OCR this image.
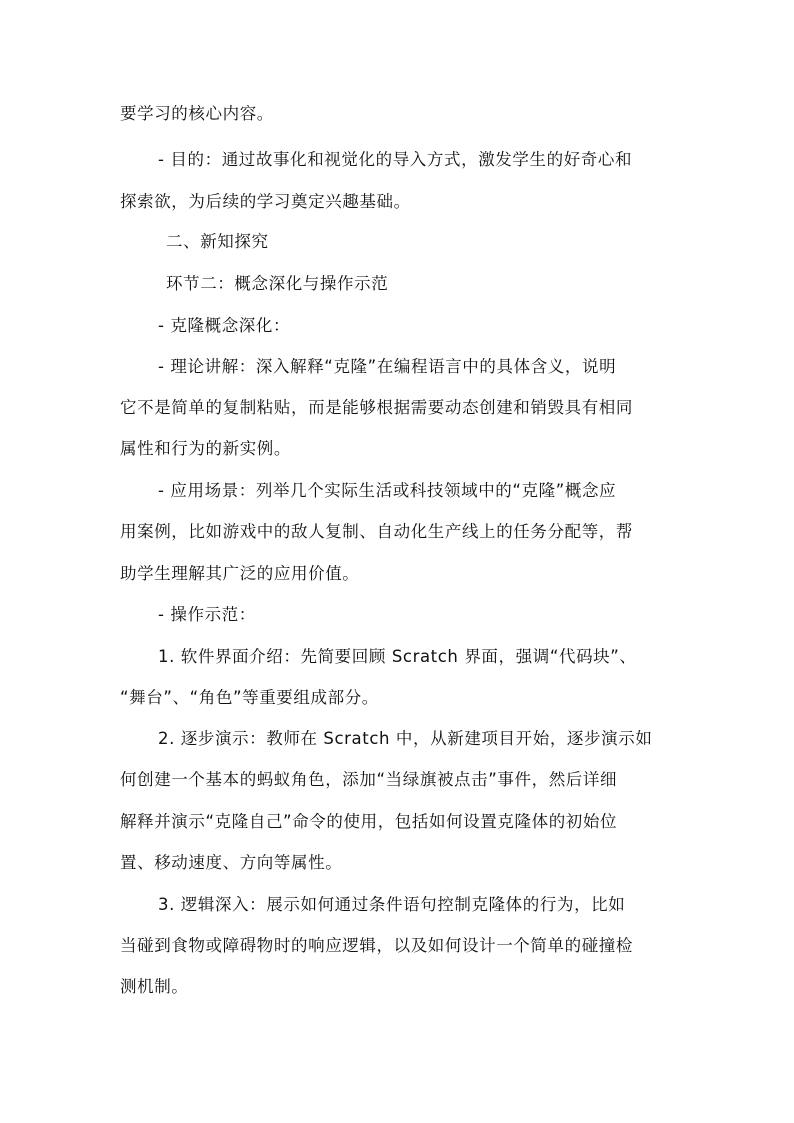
要学习的核心内容。
- 目的：通过故事化和视觉化的导入方式，激发学生的好奇心和
探索欲，为后续的学习奠定兴趣基础。
二、新知探究
环节二：概念深化与操作示范
- 克隆概念深化：
- 理论讲解：深入解释“克隆”在编程语言中的具体含义，说明
它不是简单的复制粘贴，而是能够根据需要动态创建和销毁具有相同
属性和行为的新实例。
- 应用场景：列举几个实际生活或科技领域中的“克隆”概念应
用案例，比如游戏中的敌人复制、自动化生产线上的任务分配等，帮
助学生理解其广泛的应用价值。
- 操作示范：
1. 软件界面介绍：先简要回顾 Scratch 界面，强调“代码块”、
“舞台”、“角色”等重要组成部分。
2. 逐步演示：教师在 Scratch 中，从新建项目开始，逐步演示如
何创建一个基本的蚂蚁角色，添加“当绿旗被点击”事件，然后详细
解释并演示“克隆自己”命令的使用，包括如何设置克隆体的初始位
置、移动速度、方向等属性。
3. 逻辑深入：展示如何通过条件语句控制克隆体的行为，比如
当碰到食物或障碍物时的响应逻辑，以及如何设计一个简单的碰撞检
测机制。
